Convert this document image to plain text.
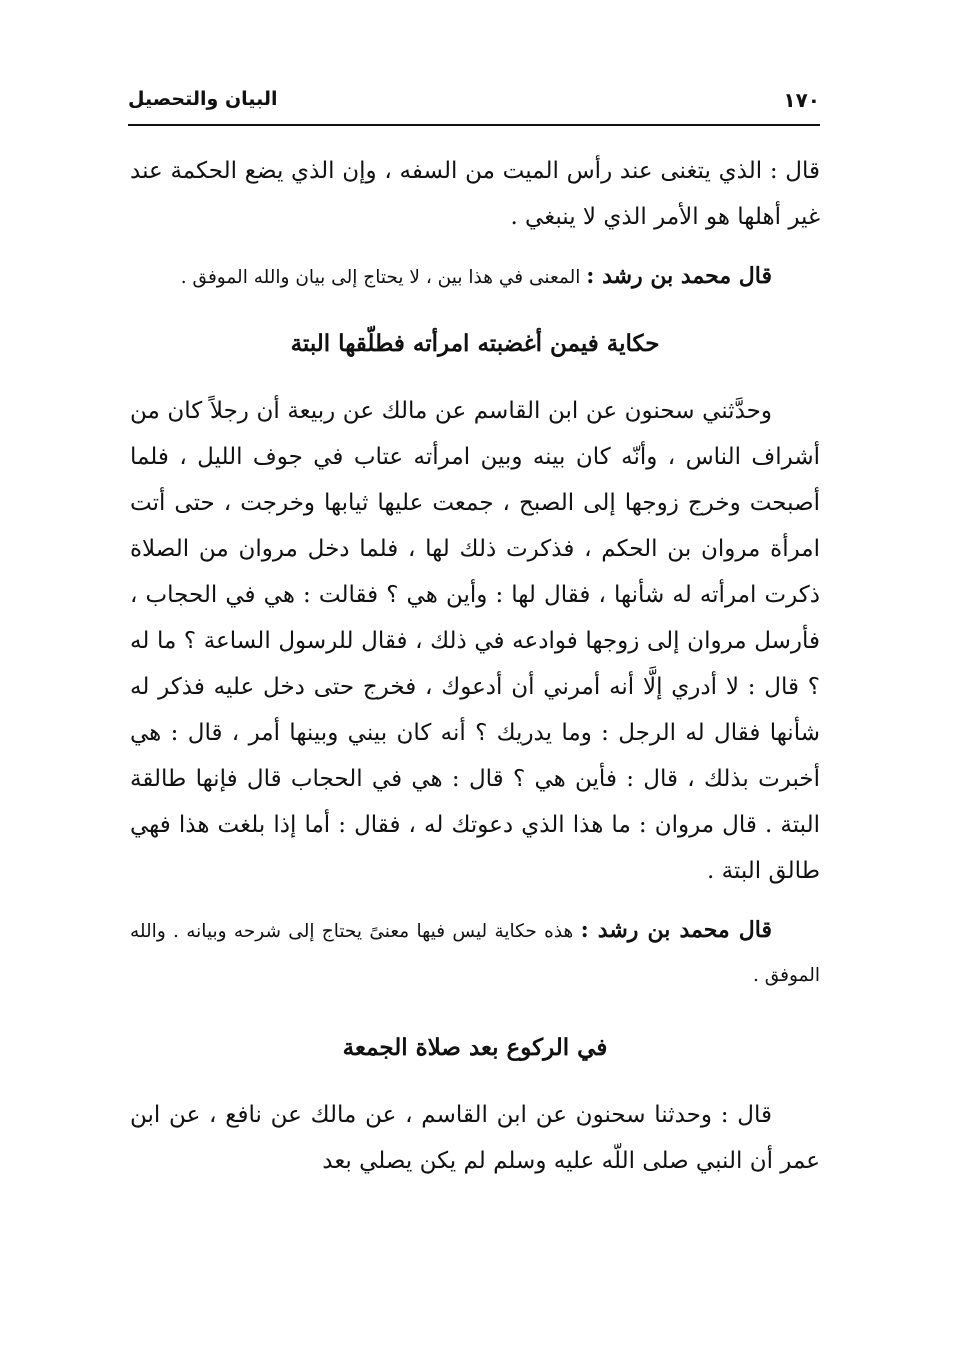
١٧٠
البيان والتحصيل

قال : الذي يتغنى عند رأس الميت من السفه ، وإن الذي يضع الحكمة عند غير أهلها هو الأمر الذي لا ينبغي .

قال محمد بن رشد : المعنى في هذا بين ، لا يحتاج إلى بيان والله الموفق .

حكاية فيمن أغضبته امرأته فطلّقها البتة

وحدَّثني سحنون عن ابن القاسم عن مالك عن ربيعة أن رجلاً كان من أشراف الناس ، وأنّه كان بينه وبين امرأته عتاب في جوف الليل ، فلما أصبحت وخرج زوجها إلى الصبح ، جمعت عليها ثيابها وخرجت ، حتى أتت امرأة مروان بن الحكم ، فذكرت ذلك لها ، فلما دخل مروان من الصلاة ذكرت امرأته له شأنها ، فقال لها : وأين هي ؟ فقالت : هي في الحجاب ، فأرسل مروان إلى زوجها فوادعه في ذلك ، فقال للرسول الساعة ؟ ما له ؟ قال : لا أدري إلَّا أنه أمرني أن أدعوك ، فخرج حتى دخل عليه فذكر له شأنها فقال له الرجل : وما يدريك ؟ أنه كان بيني وبينها أمر ، قال : هي أخبرت بذلك ، قال : فأين هي ؟ قال : هي في الحجاب قال فإنها طالقة البتة . قال مروان : ما هذا الذي دعوتك له ، فقال : أما إذا بلغت هذا فهي طالق البتة .

قال محمد بن رشد : هذه حكاية ليس فيها معنىً يحتاج إلى شرحه وبيانه . والله الموفق .

في الركوع بعد صلاة الجمعة

قال : وحدثنا سحنون عن ابن القاسم ، عن مالك عن نافع ، عن ابن عمر أن النبي صلى اللّه عليه وسلم لم يكن يصلي بعد
